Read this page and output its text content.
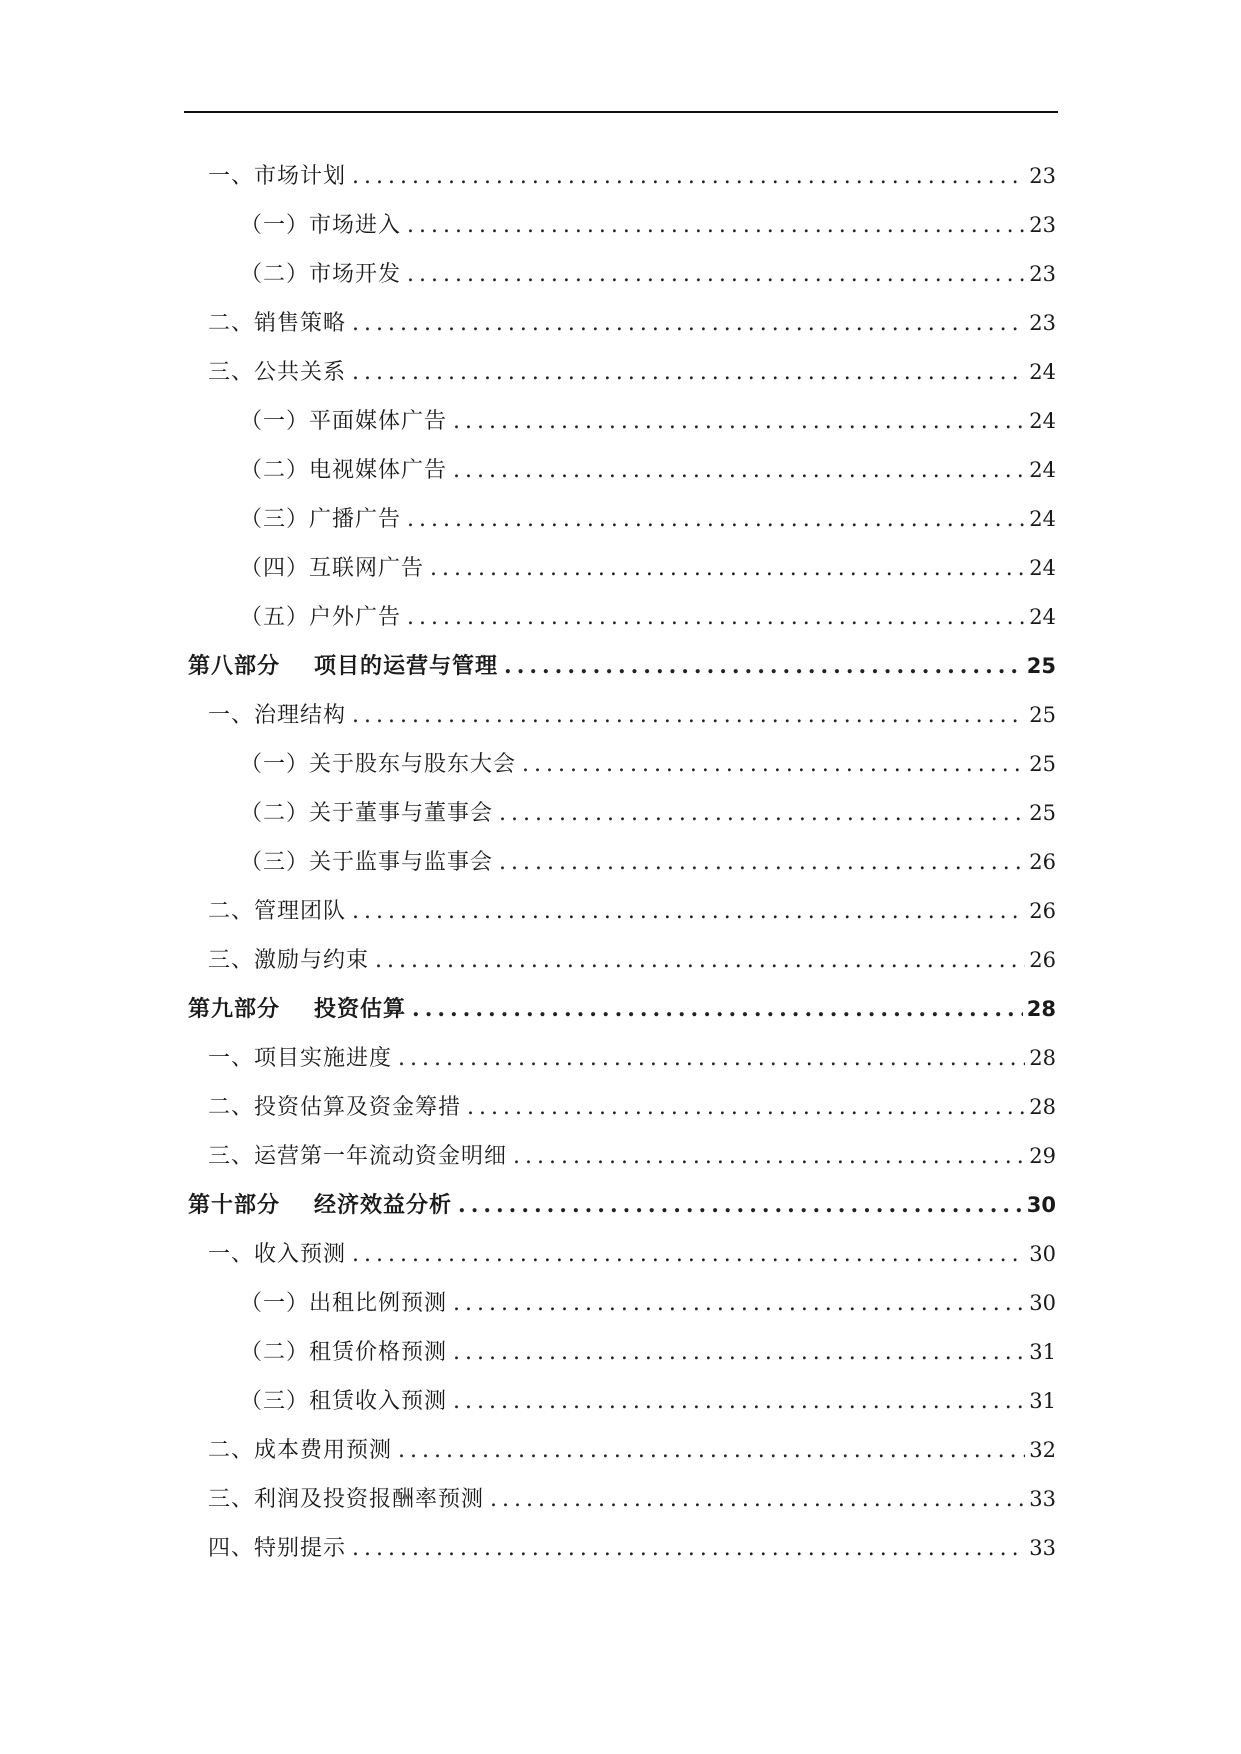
一、市场计划 .....	23
（一）市场进入 .....	23
（二）市场开发 .....	23
二、销售策略 .....	23
三、公共关系 .....	24
（一）平面媒体广告 .....	24
（二）电视媒体广告 .....	24
（三）广播广告 .....	24
（四）互联网广告 .....	24
（五）户外广告 .....	24
第八部分 项目的运营与管理 .....	25
一、治理结构 .....	25
（一）关于股东与股东大会 .....	25
（二）关于董事与董事会 .....	25
（三）关于监事与监事会 .....	26
二、管理团队 .....	26
三、激励与约束 .....	26
第九部分 投资估算 .....	28
一、项目实施进度 .....	28
二、投资估算及资金筹措 .....	28
三、运营第一年流动资金明细 .....	29
第十部分 经济效益分析 .....	30
一、收入预测 .....	30
（一）出租比例预测 .....	30
（二）租赁价格预测 .....	31
（三）租赁收入预测 .....	31
二、成本费用预测 .....	32
三、利润及投资报酬率预测 .....	33
四、特别提示 .....	33
